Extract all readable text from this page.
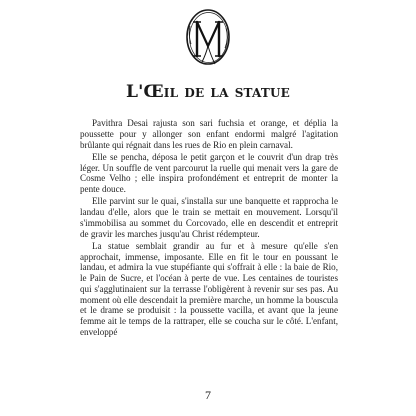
L'Œil de la statue

Pavithra Desai rajusta son sari fuchsia et orange, et déplia la poussette pour y allonger son enfant endormi malgré l'agitation brûlante qui régnait dans les rues de Rio en plein carnaval.

Elle se pencha, déposa le petit garçon et le couvrit d'un drap très léger. Un souffle de vent parcourut la ruelle qui menait vers la gare de Cosme Velho ; elle inspira profondément et entreprit de monter la pente douce.

Elle parvint sur le quai, s'installa sur une banquette et rapprocha le landau d'elle, alors que le train se mettait en mouvement. Lorsqu'il s'immobilisa au sommet du Corcovado, elle en descendit et entreprit de gravir les marches jusqu'au Christ rédempteur.

La statue semblait grandir au fur et à mesure qu'elle s'en approchait, immense, imposante. Elle en fit le tour en poussant le landau, et admira la vue stupéfiante qui s'offrait à elle : la baie de Rio, le Pain de Sucre, et l'océan à perte de vue. Les centaines de touristes qui s'agglutinaient sur la terrasse l'obligèrent à revenir sur ses pas. Au moment où elle descendait la première marche, un homme la bouscula et le drame se produisit : la poussette vacilla, et avant que la jeune femme ait le temps de la rattraper, elle se coucha sur le côté. L'enfant, enveloppé

7
